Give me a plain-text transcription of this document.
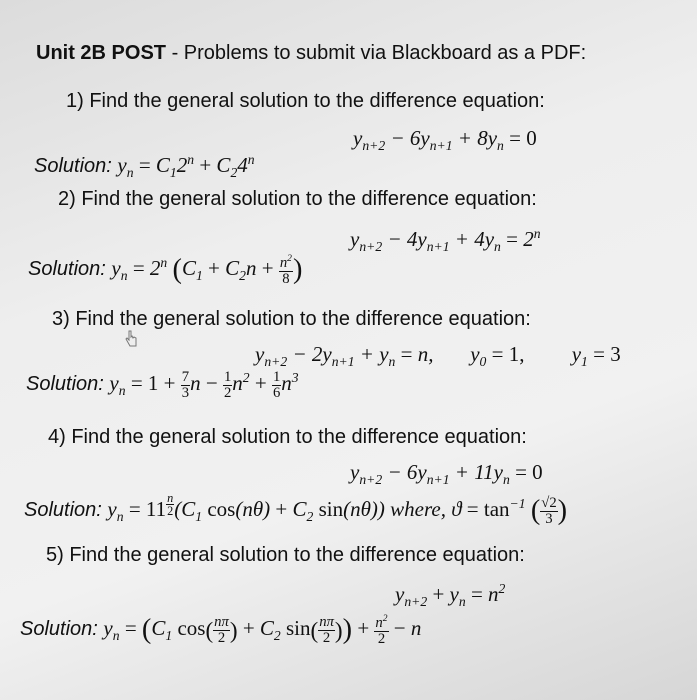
Unit 2B POST - Problems to submit via Blackboard as a PDF:
1) Find the general solution to the difference equation:
$y_{n+2} - 6y_{n+1} + 8y_n = 0$
Solution: $y_n = C_12^n + C_24^n$
2) Find the general solution to the difference equation:
$y_{n+2} - 4y_{n+1} + 4y_n = 2^n$
Solution: $y_n = 2^n$ ($C_1 + C_2n + \frac{n^2}{8}$ )
3) Find the general solution to the difference equation:
$y_{n+2} - 2y_{n+1} + y_n = n$,       $y_0 = 1$,         $y_1 = 3$
Solution: $y_n = 1 + \frac{7}{3}$ $n - \frac{1}{2} n^2 + \frac{1}{6} n^3$
4) Find the general solution to the difference equation:
$y_{n+2} - 6y_{n+1} + 11y_n = 0$
Solution: $y_n = 11$ $^{\frac{n}{2}}$ ($C_1$ $\cos(n\theta) + C_2$ sin(nθ)) where, $ϑ = \tan^{-1}$ ( $\frac{√2}{3}$ )
5) Find the general solution to the difference equation:
$y_{n+2} + y_n = n^2$
Solution: $y_n = (C_1$ $\cos( \frac{n\pi}{2}$ ) + $C_2$ $\sin( \frac{n\pi}{2}$ )) + $\frac{n^2}{2} - n$
